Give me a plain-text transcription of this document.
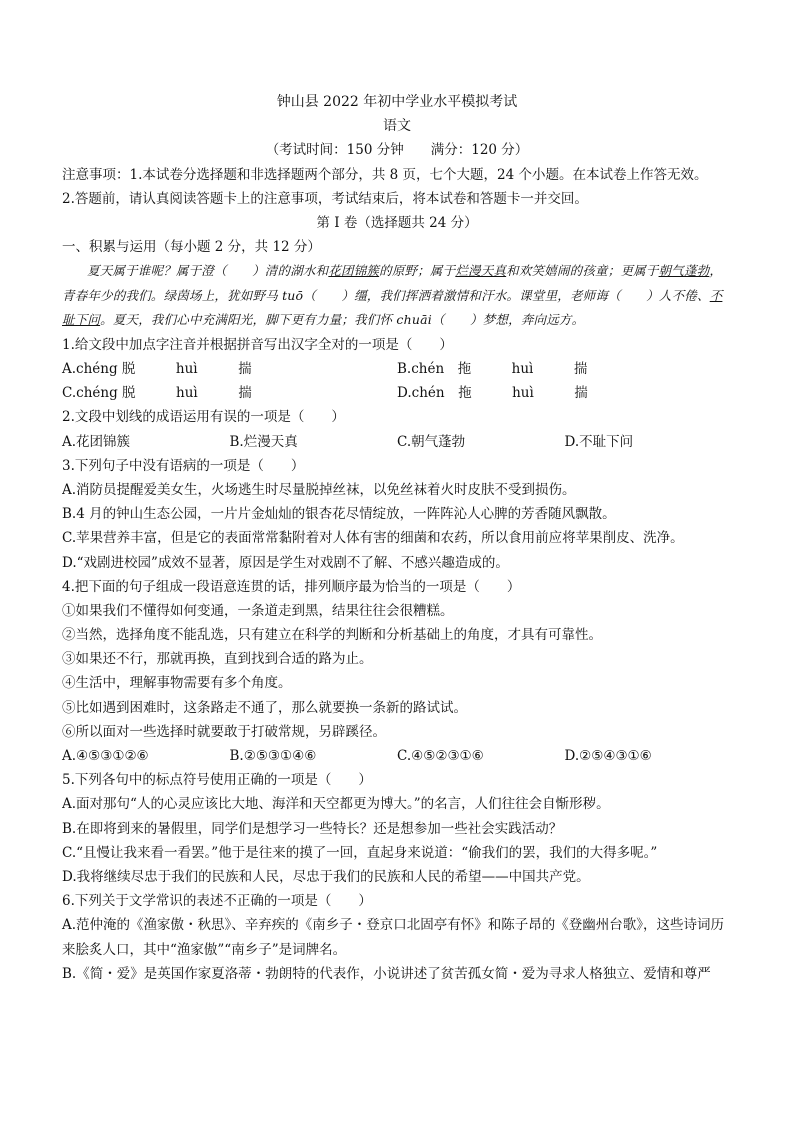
钟山县 2022 年初中学业水平模拟考试
语文
（考试时间：150 分钟　　满分：120 分）
注意事项：1.本试卷分选择题和非选择题两个部分，共 8 页，七个大题，24 个小题。在本试卷上作答无效。
2.答题前，请认真阅读答题卡上的注意事项，考试结束后，将本试卷和答题卡一并交回。
第 I 卷（选择题共 24 分）
一、积累与运用（每小题 2 分，共 12 分）

夏天属于谁呢？属于澄（　　）清的湖水和花团锦簇的原野；属于烂漫天真和欢笑嬉闹的孩童；更属于朝气蓬勃，青春年少的我们。绿茵场上，犹如野马 tuō（　　）缰，我们挥洒着激情和汗水。课堂里，老师诲（　　）人不倦、不耻下问。夏天，我们心中充满阳光，脚下更有力量；我们怀 chuāi（　　）梦想，奔向远方。

1.给文段中加点字注音并根据拼音写出汉字全对的一项是（　　）
A.chéng 脱　　　huì　　　揣	B.chén　拖　　　huì　　　揣
C.chéng 脱　　　huì　　　揣	D.chén　拖　　　huì　　　揣
2.文段中划线的成语运用有误的一项是（　　）
A.花团锦簇	B.烂漫天真	C.朝气蓬勃	D.不耻下问
3.下列句子中没有语病的一项是（　　）
A.消防员提醒爱美女生，火场逃生时尽量脱掉丝袜，以免丝袜着火时皮肤不受到损伤。
B.4 月的钟山生态公园，一片片金灿灿的银杏花尽情绽放，一阵阵沁人心脾的芳香随风飘散。
C.苹果营养丰富，但是它的表面常常黏附着对人体有害的细菌和农药，所以食用前应将苹果削皮、洗净。
D.“戏剧进校园”成效不显著，原因是学生对戏剧不了解、不感兴趣造成的。
4.把下面的句子组成一段语意连贯的话，排列顺序最为恰当的一项是（　　）
①如果我们不懂得如何变通，一条道走到黑，结果往往会很糟糕。
②当然，选择角度不能乱选，只有建立在科学的判断和分析基础上的角度，才具有可靠性。
③如果还不行，那就再换，直到找到合适的路为止。
④生活中，理解事物需要有多个角度。
⑤比如遇到困难时，这条路走不通了，那么就要换一条新的路试试。
⑥所以面对一些选择时就要敢于打破常规，另辟蹊径。
A.④⑤③①②⑥	B.②⑤③①④⑥	C.④⑤②③①⑥	D.②⑤④③①⑥
5.下列各句中的标点符号使用正确的一项是（　　）
A.面对那句“人的心灵应该比大地、海洋和天空都更为博大。”的名言，人们往往会自惭形秽。
B.在即将到来的暑假里，同学们是想学习一些特长？还是想参加一些社会实践活动？
C.“且慢让我来看一看罢。”他于是往来的摸了一回，直起身来说道：“偷我们的罢，我们的大得多呢。”
D.我将继续尽忠于我们的民族和人民，尽忠于我们的民族和人民的希望——中国共产党。
6.下列关于文学常识的表述不正确的一项是（　　）
A.范仲淹的《渔家傲・秋思》、辛弃疾的《南乡子・登京口北固亭有怀》和陈子昂的《登幽州台歌》，这些诗词历来脍炙人口，其中“渔家傲”“南乡子”是词牌名。
B.《简・爱》是英国作家夏洛蒂・勃朗特的代表作，小说讲述了贫苦孤女简・爱为寻求人格独立、爱情和尊严
